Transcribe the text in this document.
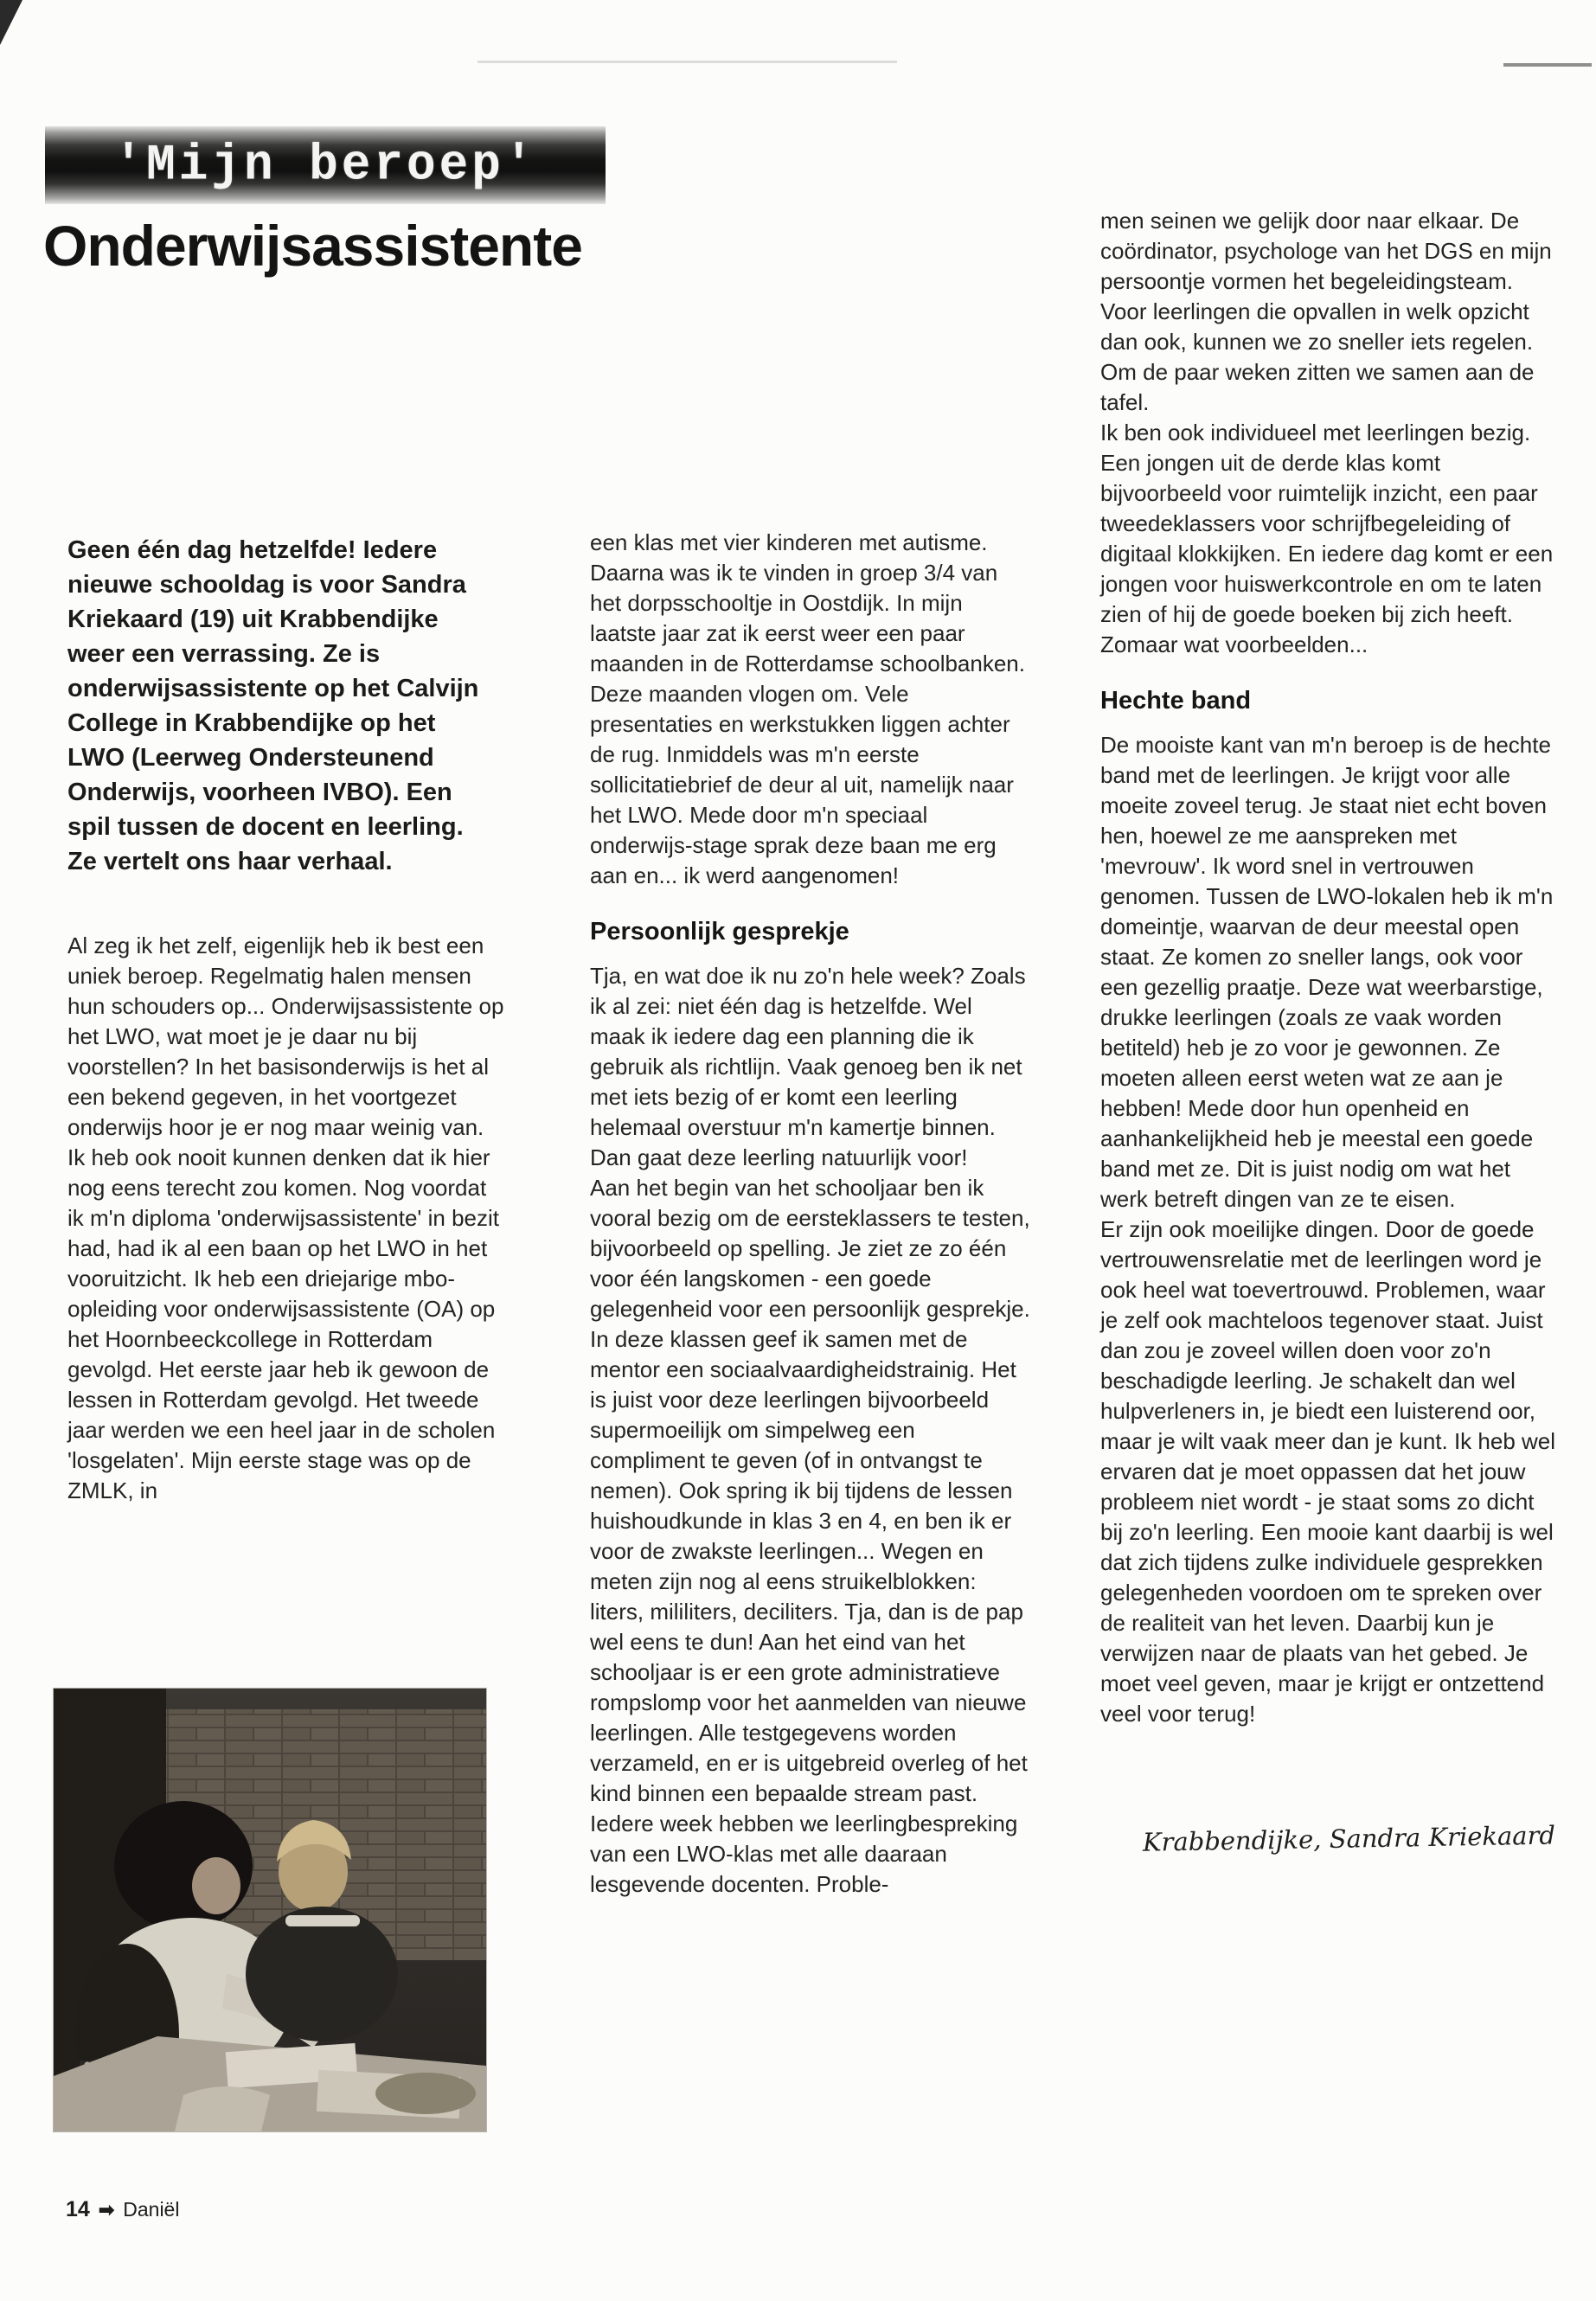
'Mijn beroep'
Onderwijsassistente

Geen één dag hetzelfde! Iedere nieuwe schooldag is voor Sandra Kriekaard (19) uit Krabbendijke weer een verrassing. Ze is onderwijsassistente op het Calvijn College in Krabbendijke op het LWO (Leerweg Ondersteunend Onderwijs, voorheen IVBO). Een spil tussen de docent en leerling. Ze vertelt ons haar verhaal.

Al zeg ik het zelf, eigenlijk heb ik best een uniek beroep. Regelmatig halen mensen hun schouders op... Onderwijsassistente op het LWO, wat moet je je daar nu bij voorstellen? In het basisonderwijs is het al een bekend gegeven, in het voortgezet onderwijs hoor je er nog maar weinig van. Ik heb ook nooit kunnen denken dat ik hier nog eens terecht zou komen. Nog voordat ik m'n diploma 'onderwijsassistente' in bezit had, had ik al een baan op het LWO in het vooruitzicht. Ik heb een driejarige mbo-opleiding voor onderwijsassistente (OA) op het Hoornbeeckcollege in Rotterdam gevolgd. Het eerste jaar heb ik gewoon de lessen in Rotterdam gevolgd. Het tweede jaar werden we een heel jaar in de scholen 'losgelaten'. Mijn eerste stage was op de ZMLK, in

14 ➡ Daniël

een klas met vier kinderen met autisme. Daarna was ik te vinden in groep 3/4 van het dorpsschooltje in Oostdijk. In mijn laatste jaar zat ik eerst weer een paar maanden in de Rotterdamse schoolbanken. Deze maanden vlogen om. Vele presentaties en werkstukken liggen achter de rug. Inmiddels was m'n eerste sollicitatiebrief de deur al uit, namelijk naar het LWO. Mede door m'n speciaal onderwijs-stage sprak deze baan me erg aan en... ik werd aangenomen!

Persoonlijk gesprekje

Tja, en wat doe ik nu zo'n hele week? Zoals ik al zei: niet één dag is hetzelfde. Wel maak ik iedere dag een planning die ik gebruik als richtlijn. Vaak genoeg ben ik net met iets bezig of er komt een leerling helemaal overstuur m'n kamertje binnen. Dan gaat deze leerling natuurlijk voor!

Aan het begin van het schooljaar ben ik vooral bezig om de eersteklassers te testen, bijvoorbeeld op spelling. Je ziet ze zo één voor één langskomen - een goede gelegenheid voor een persoonlijk gesprekje. In deze klassen geef ik samen met de mentor een sociaalvaardigheidstrainig. Het is juist voor deze leerlingen bijvoorbeeld supermoeilijk om simpelweg een compliment te geven (of in ontvangst te nemen). Ook spring ik bij tijdens de lessen huishoudkunde in klas 3 en 4, en ben ik er voor de zwakste leerlingen... Wegen en meten zijn nog al eens struikelblokken: liters, mililiters, deciliters. Tja, dan is de pap wel eens te dun! Aan het eind van het schooljaar is er een grote administratieve rompslomp voor het aanmelden van nieuwe leerlingen. Alle testgegevens worden verzameld, en er is uitgebreid overleg of het kind binnen een bepaalde stream past.

Iedere week hebben we leerlingbespreking van een LWO-klas met alle daaraan lesgevende docenten. Proble-

men seinen we gelijk door naar elkaar. De coördinator, psychologe van het DGS en mijn persoontje vormen het begeleidingsteam. Voor leerlingen die opvallen in welk opzicht dan ook, kunnen we zo sneller iets regelen. Om de paar weken zitten we samen aan de tafel.

Ik ben ook individueel met leerlingen bezig. Een jongen uit de derde klas komt bijvoorbeeld voor ruimtelijk inzicht, een paar tweedeklassers voor schrijfbegeleiding of digitaal klokkijken. En iedere dag komt er een jongen voor huiswerkcontrole en om te laten zien of hij de goede boeken bij zich heeft. Zomaar wat voorbeelden...

Hechte band

De mooiste kant van m'n beroep is de hechte band met de leerlingen. Je krijgt voor alle moeite zoveel terug. Je staat niet echt boven hen, hoewel ze me aanspreken met 'mevrouw'. Ik word snel in vertrouwen genomen. Tussen de LWO-lokalen heb ik m'n domeintje, waarvan de deur meestal open staat. Ze komen zo sneller langs, ook voor een gezellig praatje. Deze wat weerbarstige, drukke leerlingen (zoals ze vaak worden betiteld) heb je zo voor je gewonnen. Ze moeten alleen eerst weten wat ze aan je hebben! Mede door hun openheid en aanhankelijkheid heb je meestal een goede band met ze. Dit is juist nodig om wat het werk betreft dingen van ze te eisen.

Er zijn ook moeilijke dingen. Door de goede vertrouwensrelatie met de leerlingen word je ook heel wat toevertrouwd. Problemen, waar je zelf ook machteloos tegenover staat. Juist dan zou je zoveel willen doen voor zo'n beschadigde leerling. Je schakelt dan wel hulpverleners in, je biedt een luisterend oor, maar je wilt vaak meer dan je kunt. Ik heb wel ervaren dat je moet oppassen dat het jouw probleem niet wordt - je staat soms zo dicht bij zo'n leerling. Een mooie kant daarbij is wel dat zich tijdens zulke individuele gesprekken gelegenheden voordoen om te spreken over de realiteit van het leven. Daarbij kun je verwijzen naar de plaats van het gebed. Je moet veel geven, maar je krijgt er ontzettend veel voor terug!

Krabbendijke, Sandra Kriekaard
